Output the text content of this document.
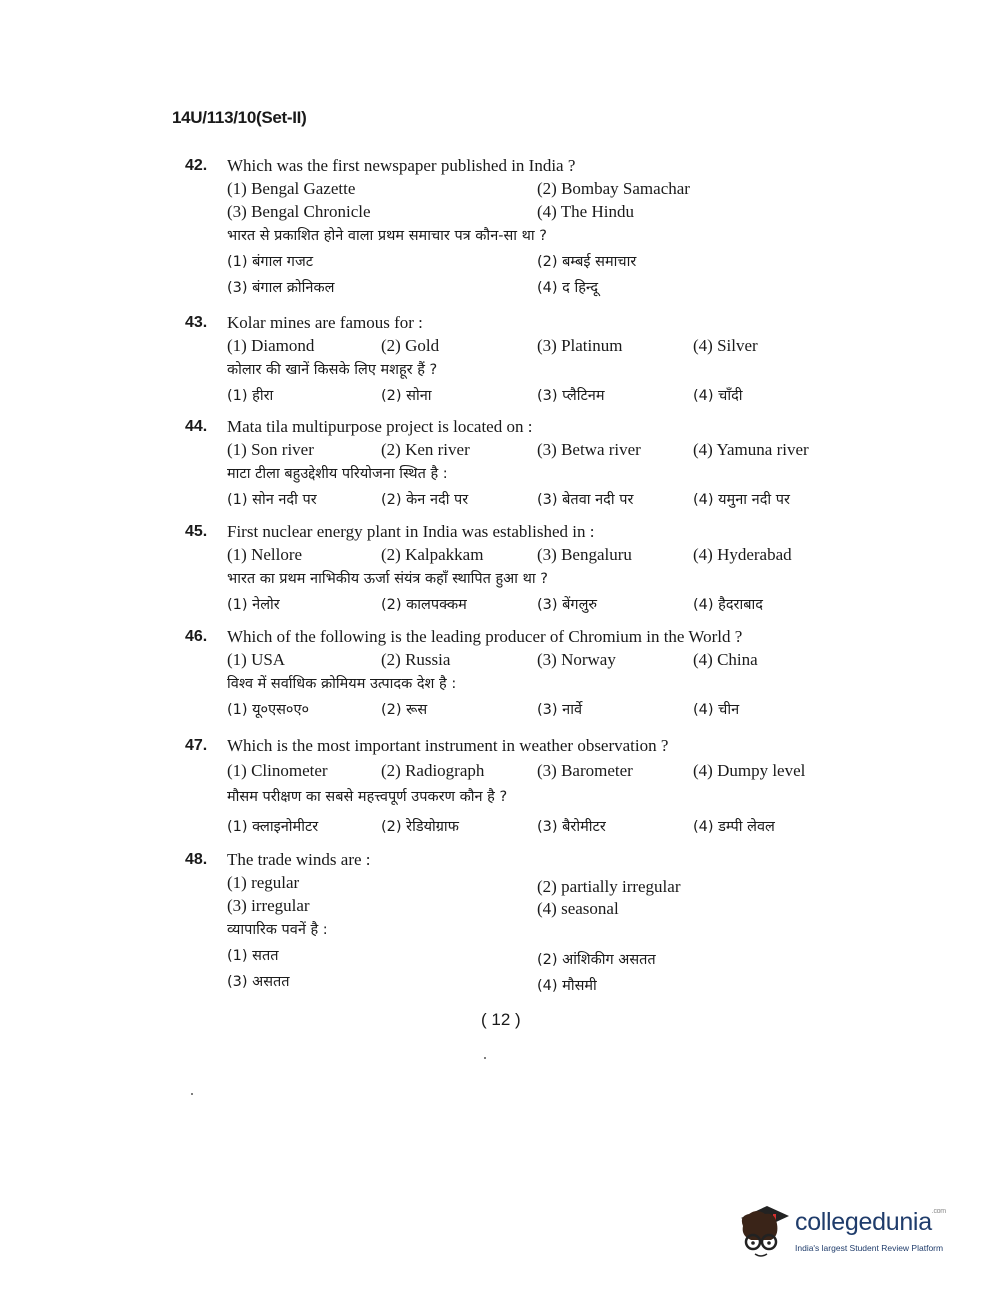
14U/113/10(Set-II)
42. Which was the first newspaper published in India ?
(1) Bengal Gazette	(2) Bombay Samachar
(3) Bengal Chronicle	(4) The Hindu
भारत से प्रकाशित होने वाला प्रथम समाचार पत्र कौन-सा था ?
(1) बंगाल गजट	(2) बम्बई समाचार
(3) बंगाल क्रोनिकल	(4) द हिन्दू
43. Kolar mines are famous for :
(1) Diamond	(2) Gold	(3) Platinum	(4) Silver
कोलार की खानें किसके लिए मशहूर हैं ?
(1) हीरा	(2) सोना	(3) प्लैटिनम	(4) चाँदी
44. Mata tila multipurpose project is located on :
(1) Son river	(2) Ken river	(3) Betwa river	(4) Yamuna river
माटा टीला बहुउद्देशीय परियोजना स्थित है :
(1) सोन नदी पर	(2) केन नदी पर	(3) बेतवा नदी पर	(4) यमुना नदी पर
45. First nuclear energy plant in India was established in :
(1) Nellore	(2) Kalpakkam	(3) Bengaluru	(4) Hyderabad
भारत का प्रथम नाभिकीय ऊर्जा संयंत्र कहाँ स्थापित हुआ था ?
(1) नेलोर	(2) कालपक्कम	(3) बेंगलुरु	(4) हैदराबाद
46. Which of the following is the leading producer of Chromium in the World ?
(1) USA	(2) Russia	(3) Norway	(4) China
विश्व में सर्वाधिक क्रोमियम उत्पादक देश है :
(1) यू०एस०ए०	(2) रूस	(3) नार्वे	(4) चीन
47. Which is the most important instrument in weather observation ?
(1) Clinometer	(2) Radiograph	(3) Barometer	(4) Dumpy level
मौसम परीक्षण का सबसे महत्त्वपूर्ण उपकरण कौन है ?
(1) क्लाइनोमीटर	(2) रेडियोग्राफ	(3) बैरोमीटर	(4) डम्पी लेवल
48. The trade winds are :
(1) regular	(2) partially irregular
(3) irregular	(4) seasonal
व्यापारिक पवनें है :
(1) सतत	(2) आंशिकीग असतत
(3) असतत	(4) मौसमी
( 12 )
collegedunia$^{.com}$
India's largest Student Review Platform
